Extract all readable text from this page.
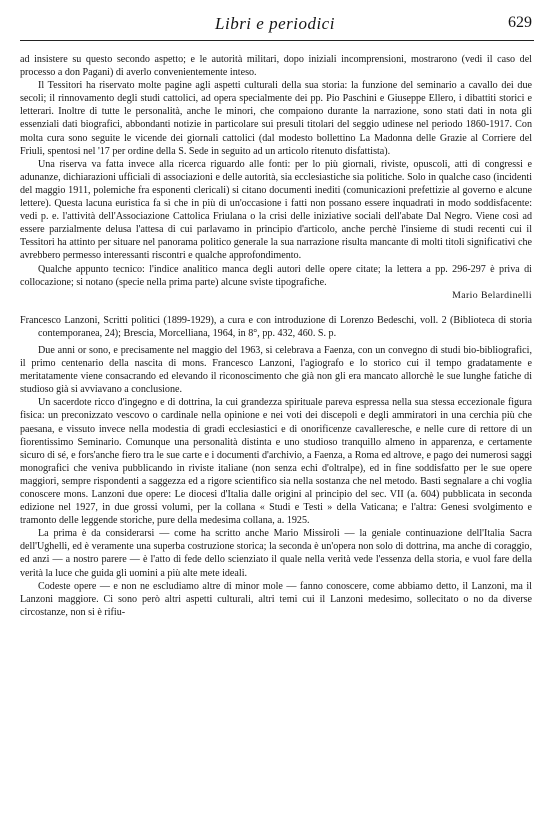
Libri e periodici	629

ad insistere su questo secondo aspetto; e le autorità militari, dopo iniziali incomprensioni, mostrarono (vedi il caso del processo a don Pagani) di averlo convenientemente inteso.

Il Tessitori ha riservato molte pagine agli aspetti culturali della sua storia: la funzione del seminario a cavallo dei due secoli; il rinnovamento degli studi cattolici, ad opera specialmente dei pp. Pio Paschini e Giuseppe Ellero, i dibattiti storici e letterari. Inoltre di tutte le personalità, anche le minori, che compaiono durante la narrazione, sono stati dati in nota gli essenziali dati biografici, abbondanti notizie in particolare sui presuli titolari del seggio udinese nel periodo 1860-1917. Con molta cura sono seguite le vicende dei giornali cattolici (dal modesto bollettino La Madonna delle Grazie al Corriere del Friuli, spentosi nel '17 per ordine della S. Sede in seguito ad un articolo ritenuto disfattista).

Una riserva va fatta invece alla ricerca riguardo alle fonti: per lo più giornali, riviste, opuscoli, atti di congressi e adunanze, dichiarazioni ufficiali di associazioni e delle autorità, sia ecclesiastiche sia politiche. Solo in qualche caso (incidenti del maggio 1911, polemiche fra esponenti clericali) si citano documenti inediti (comunicazioni prefettizie al governo e alcune lettere). Questa lacuna euristica fa sì che in più di un'occasione i fatti non possano essere inquadrati in modo soddisfacente: vedi p. e. l'attività dell'Associazione Cattolica Friulana o la crisi delle iniziative sociali dell'abate Dal Negro. Viene così ad essere parzialmente delusa l'attesa di cui parlavamo in principio d'articolo, anche perchè l'insieme di studi recenti cui il Tessitori ha attinto per situare nel panorama politico generale la sua narrazione risulta mancante di molti titoli significativi che avrebbero permesso interessanti riscontri e qualche approfondimento.

Qualche appunto tecnico: l'indice analitico manca degli autori delle opere citate; la lettera a pp. 296-297 è priva di collocazione; si notano (specie nella prima parte) alcune sviste tipografiche.

Mario Belardinelli

Francesco Lanzoni, Scritti politici (1899-1929), a cura e con introduzione di Lorenzo Bedeschi, voll. 2 (Biblioteca di storia contemporanea, 24); Brescia, Morcelliana, 1964, in 8°, pp. 432, 460. S. p.

Due anni or sono, e precisamente nel maggio del 1963, si celebrava a Faenza, con un convegno di studi bio-bibliografici, il primo centenario della nascita di mons. Francesco Lanzoni, l'agiografo e lo storico cui il tempo gradatamente e meritatamente viene consacrando ed elevando il riconoscimento che già non gli era mancato allorchè le sue lunghe fatiche di studioso già si avviavano a conclusione.

Un sacerdote ricco d'ingegno e di dottrina, la cui grandezza spirituale pareva espressa nella sua stessa eccezionale figura fisica: un preconizzato vescovo o cardinale nella opinione e nei voti dei discepoli e degli ammiratori in una cerchia più che paesana, e vissuto invece nella modestia di gradi ecclesiastici e di onorificenze cavalleresche, e nelle cure di rettore di un fiorentissimo Seminario. Comunque una personalità distinta e uno studioso tranquillo almeno in apparenza, e certamente sicuro di sé, e fors'anche fiero tra le sue carte e i documenti d'archivio, a Faenza, a Roma ed altrove, e pago dei numerosi saggi monografici che veniva pubblicando in riviste italiane (non senza echi d'oltralpe), ed in fine soddisfatto per le sue opere maggiori, sempre rispondenti a saggezza ed a rigore scientifico sia nella sostanza che nel metodo. Basti segnalare a chi voglia conoscere mons. Lanzoni due opere: Le diocesi d'Italia dalle origini al principio del sec. VII (a. 604) pubblicata in seconda edizione nel 1927, in due grossi volumi, per la collana « Studi e Testi » della Vaticana; e l'altra: Genesi svolgimento e tramonto delle leggende storiche, pure della medesima collana, a. 1925.

La prima è da considerarsi — come ha scritto anche Mario Missiroli — la geniale continuazione dell'Italia Sacra dell'Ughelli, ed è veramente una superba costruzione storica; la seconda è un'opera non solo di dottrina, ma anche di coraggio, ed anzi — a nostro parere — è l'atto di fede dello scienziato il quale nella verità vede l'essenza della storia, e vuol fare della verità la luce che guida gli uomini a più alte mete ideali.

Codeste opere — e non ne escludiamo altre di minor mole — fanno conoscere, come abbiamo detto, il Lanzoni, ma il Lanzoni maggiore. Ci sono però altri aspetti culturali, altri temi cui il Lanzoni medesimo, sollecitato o no da diverse circostanze, non si è rifiu-
